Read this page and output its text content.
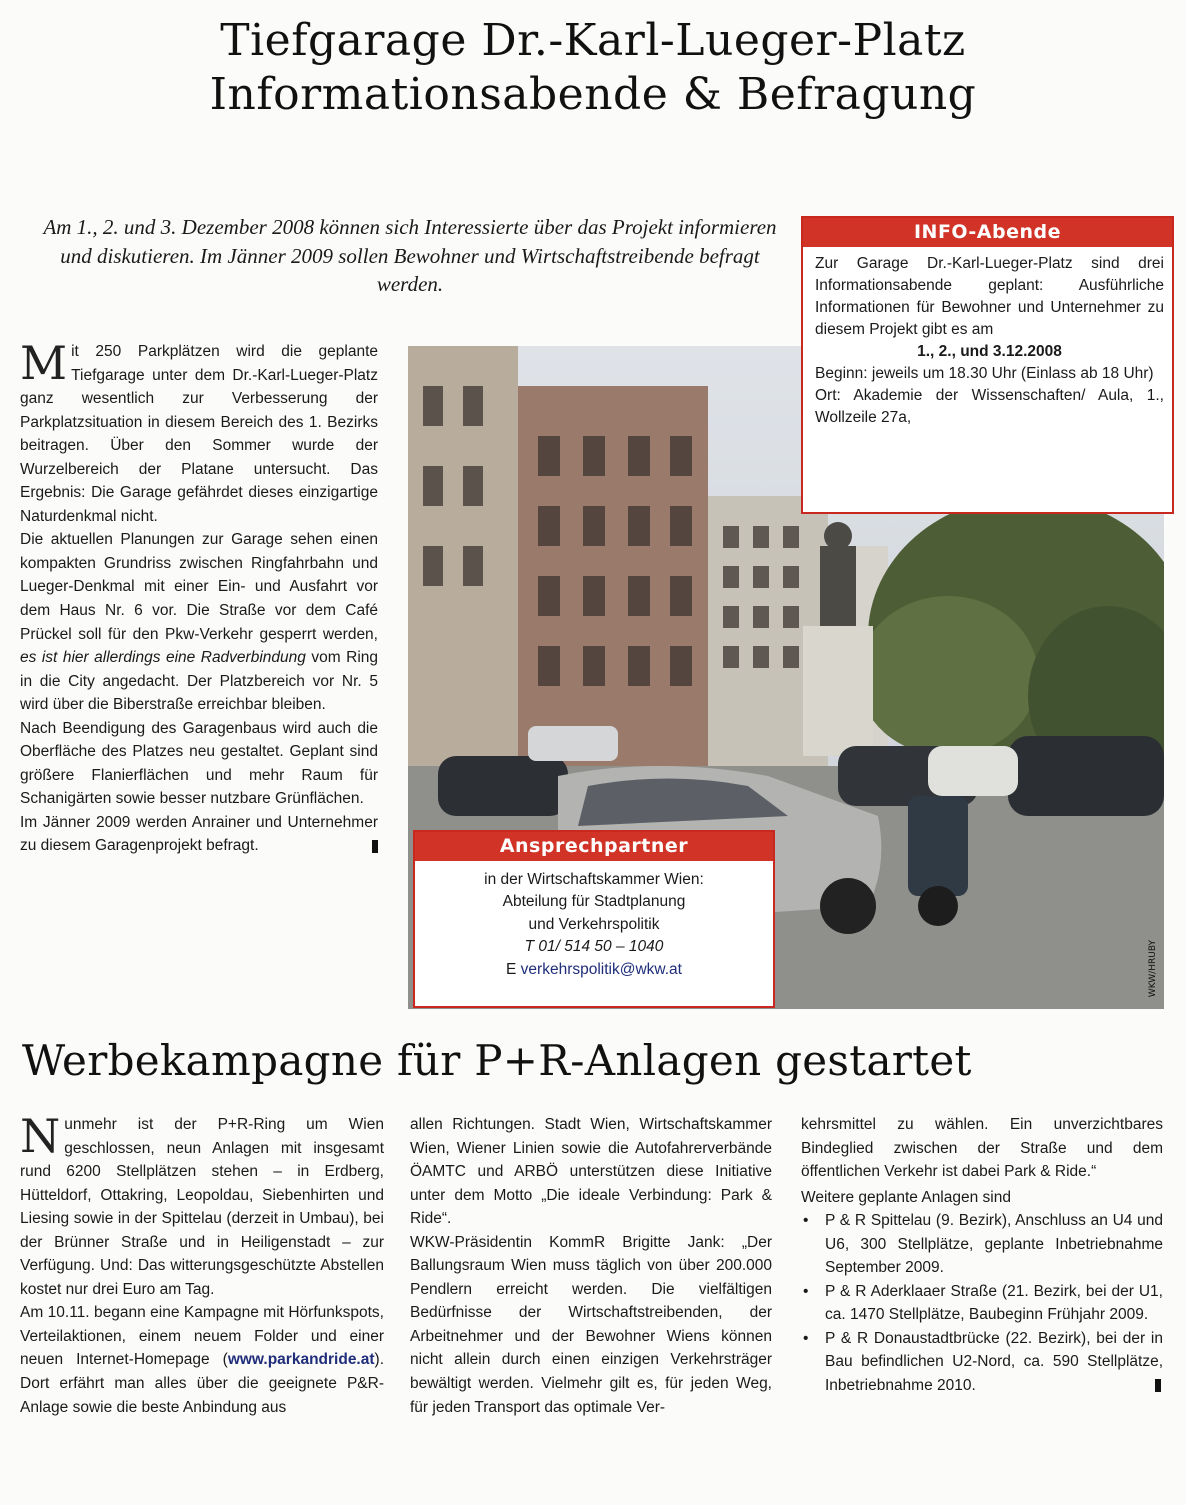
Tiefgarage Dr.-Karl-Lueger-Platz
Informationsabende & Befragung
Am 1., 2. und 3. Dezember 2008 können sich Interessierte über das Projekt informieren und diskutieren. Im Jänner 2009 sollen Bewohner und Wirtschaftstreibende befragt werden.
WKW/HRUBY
INFO-Abende

Zur Garage Dr.-Karl-Lueger-Platz sind drei Informationsabende geplant: Ausführliche Informationen für Bewohner und Unternehmer zu diesem Projekt gibt es am

1., 2., und 3.12.2008

Beginn: jeweils um 18.30 Uhr (Einlass ab 18 Uhr)

Ort: Akademie der Wissenschaften/ Aula, 1., Wollzeile 27a,

Ansprechpartner

in der Wirtschaftskammer Wien:

Abteilung für Stadtplanung

und Verkehrspolitik

T 01/ 514 50 – 1040

E verkehrspolitik@wkw.at

Mit 250 Parkplätzen wird die geplante Tiefgarage unter dem Dr.-Karl-Lueger-Platz ganz wesentlich zur Verbesserung der Parkplatzsituation in diesem Bereich des 1. Bezirks beitragen. Über den Sommer wurde der Wurzelbereich der Platane untersucht. Das Ergebnis: Die Garage gefährdet dieses einzigartige Naturdenkmal nicht.

Die aktuellen Planungen zur Garage sehen einen kompakten Grundriss zwischen Ringfahrbahn und Lueger-Denkmal mit einer Ein- und Ausfahrt vor dem Haus Nr. 6 vor. Die Straße vor dem Café Prückel soll für den Pkw-Verkehr gesperrt werden, es ist hier allerdings eine Radverbindung vom Ring in die City angedacht. Der Platzbereich vor Nr. 5 wird über die Biberstraße erreichbar bleiben.

Nach Beendigung des Garagenbaus wird auch die Oberfläche des Platzes neu gestaltet. Geplant sind größere Flanierflächen und mehr Raum für Schanigärten sowie besser nutzbare Grünflächen.

Im Jänner 2009 werden Anrainer und Unternehmer zu diesem Garagenprojekt befragt.

Werbekampagne für P+R-Anlagen gestartet

Nunmehr ist der P+R-Ring um Wien geschlossen, neun Anlagen mit insgesamt rund 6200 Stellplätzen stehen – in Erdberg, Hütteldorf, Ottakring, Leopoldau, Siebenhirten und Liesing sowie in der Spittelau (derzeit in Umbau), bei der Brünner Straße und in Heiligenstadt – zur Verfügung. Und: Das witterungsgeschützte Abstellen kostet nur drei Euro am Tag.

Am 10.11. begann eine Kampagne mit Hörfunkspots, Verteilaktionen, einem neuem Folder und einer neuen Internet-Homepage (www.parkandride.at). Dort erfährt man alles über die geeignete P&R-Anlage sowie die beste Anbindung aus

allen Richtungen. Stadt Wien, Wirtschaftskammer Wien, Wiener Linien sowie die Autofahrerverbände ÖAMTC und ARBÖ unterstützen diese Initiative unter dem Motto „Die ideale Verbindung: Park & Ride“.

WKW-Präsidentin KommR Brigitte Jank: „Der Ballungsraum Wien muss täglich von über 200.000 Pendlern erreicht werden. Die vielfältigen Bedürfnisse der Wirtschaftstreibenden, der Arbeitnehmer und der Bewohner Wiens können nicht allein durch einen einzigen Verkehrsträger bewältigt werden. Vielmehr gilt es, für jeden Weg, für jeden Transport das optimale Ver-

kehrsmittel zu wählen. Ein unverzichtbares Bindeglied zwischen der Straße und dem öffentlichen Verkehr ist dabei Park & Ride.“

Weitere geplante Anlagen sind

• P & R Spittelau (9. Bezirk), Anschluss an U4 und U6, 300 Stellplätze, geplante Inbetriebnahme September 2009.
• P & R Aderklaaer Straße (21. Bezirk, bei der U1, ca. 1470 Stellplätze, Baubeginn Frühjahr 2009.
• P & R Donaustadtbrücke (22. Bezirk), bei der in Bau befindlichen U2-Nord, ca. 590 Stellplätze, Inbetriebnahme 2010.
